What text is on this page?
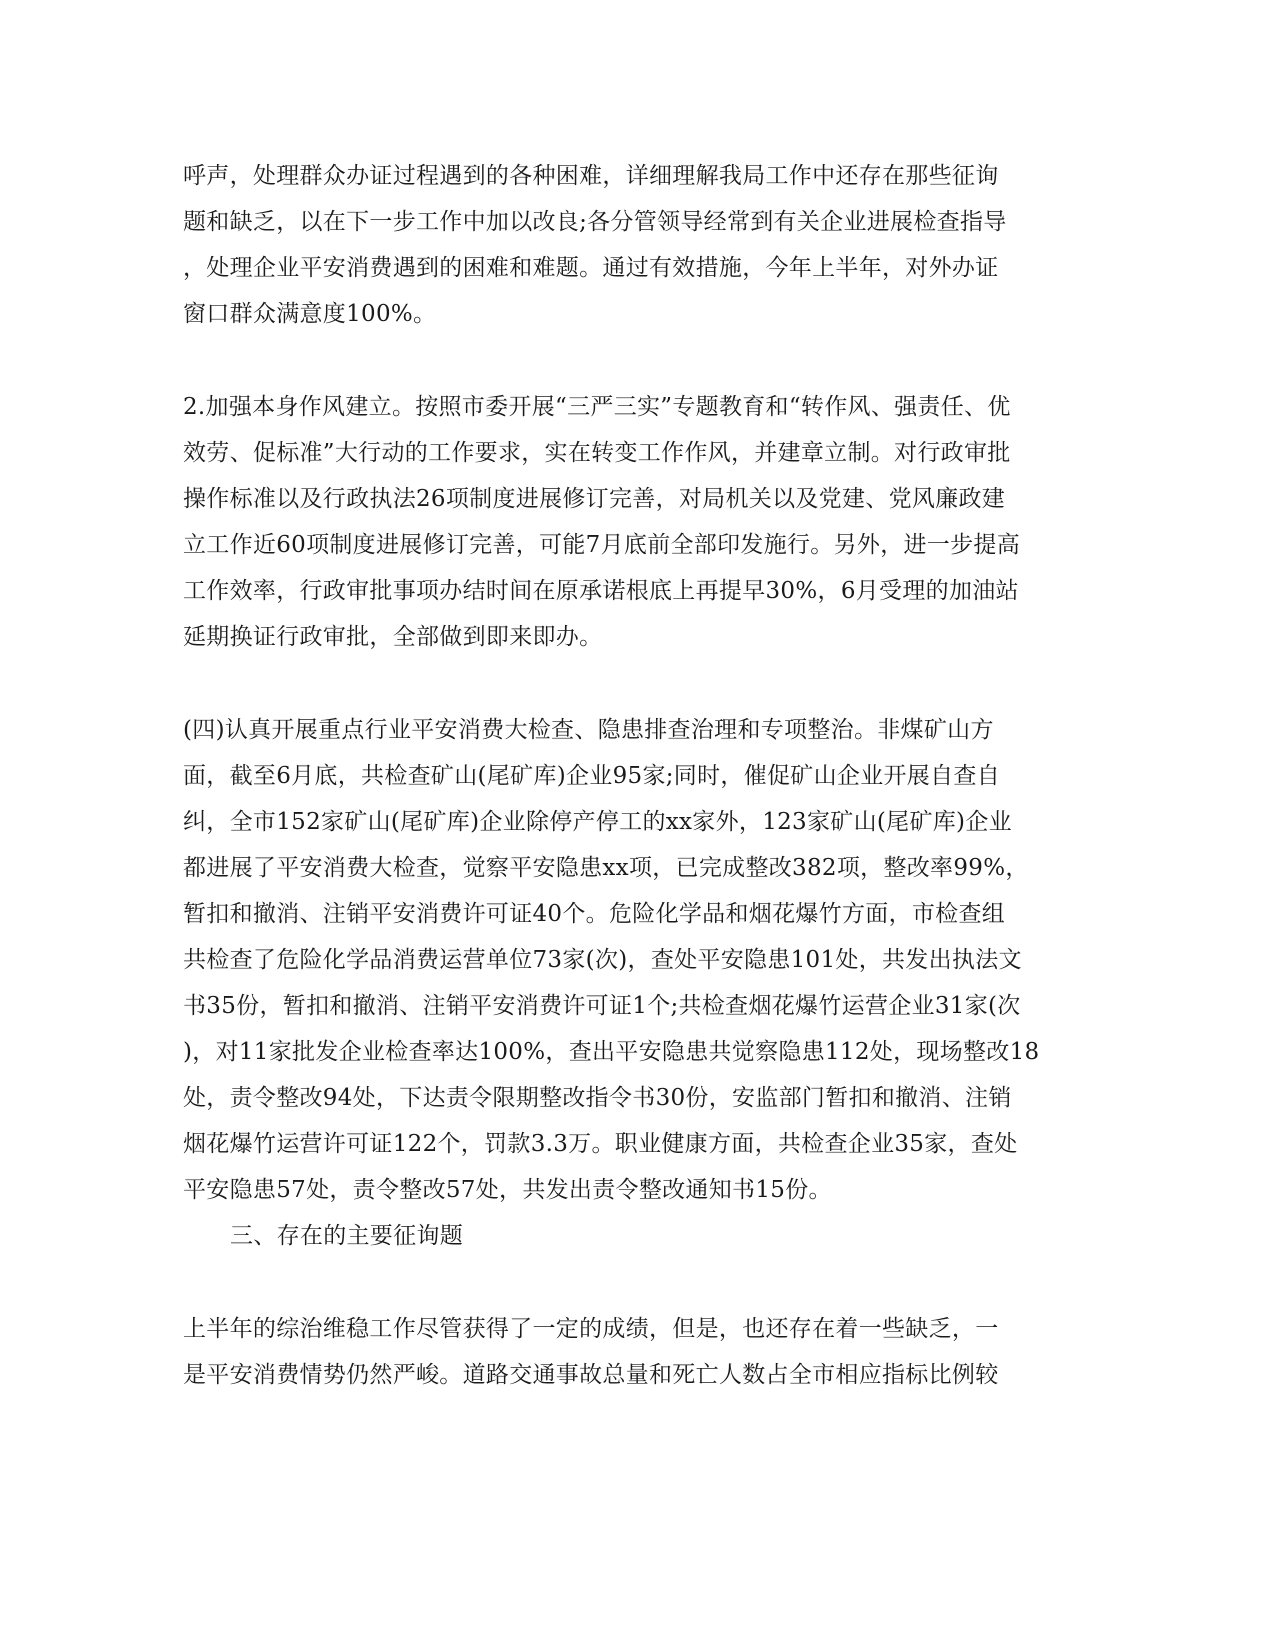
呼声，处理群众办证过程遇到的各种困难，详细理解我局工作中还存在那些征询
题和缺乏，以在下一步工作中加以改良;各分管领导经常到有关企业进展检查指导
，处理企业平安消费遇到的困难和难题。通过有效措施，今年上半年，对外办证
窗口群众满意度100%。
2.加强本身作风建立。按照市委开展“三严三实”专题教育和“转作风、强责任、优
效劳、促标准”大行动的工作要求，实在转变工作作风，并建章立制。对行政审批
操作标准以及行政执法26项制度进展修订完善，对局机关以及党建、党风廉政建
立工作近60项制度进展修订完善，可能7月底前全部印发施行。另外，进一步提高
工作效率，行政审批事项办结时间在原承诺根底上再提早30%，6月受理的加油站
延期换证行政审批，全部做到即来即办。
(四)认真开展重点行业平安消费大检查、隐患排查治理和专项整治。非煤矿山方
面，截至6月底，共检查矿山(尾矿库)企业95家;同时，催促矿山企业开展自查自
纠，全市152家矿山(尾矿库)企业除停产停工的xx家外，123家矿山(尾矿库)企业
都进展了平安消费大检查，觉察平安隐患xx项，已完成整改382项，整改率99%，
暂扣和撤消、注销平安消费许可证40个。危险化学品和烟花爆竹方面，市检查组
共检查了危险化学品消费运营单位73家(次)，查处平安隐患101处，共发出执法文
书35份，暂扣和撤消、注销平安消费许可证1个;共检查烟花爆竹运营企业31家(次
)，对11家批发企业检查率达100%，查出平安隐患共觉察隐患112处，现场整改18
处，责令整改94处，下达责令限期整改指令书30份，安监部门暂扣和撤消、注销
烟花爆竹运营许可证122个，罚款3.3万。职业健康方面，共检查企业35家，查处
平安隐患57处，责令整改57处，共发出责令整改通知书15份。
三、存在的主要征询题
上半年的综治维稳工作尽管获得了一定的成绩，但是，也还存在着一些缺乏，一
是平安消费情势仍然严峻。道路交通事故总量和死亡人数占全市相应指标比例较
